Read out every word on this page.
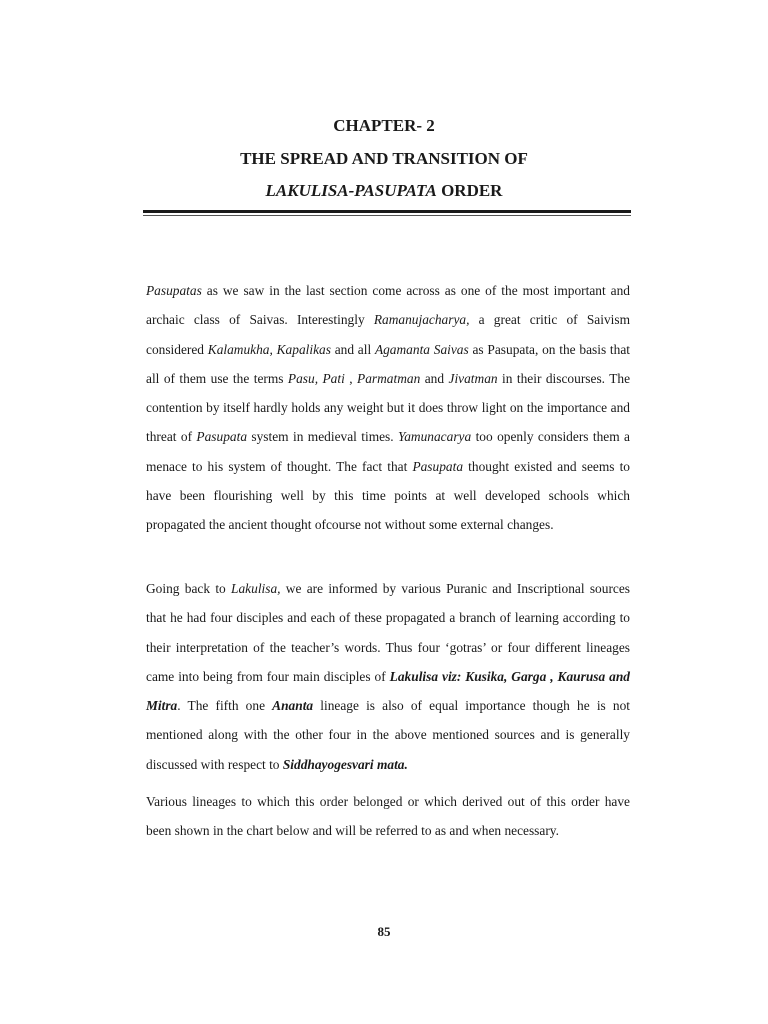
CHAPTER- 2
THE SPREAD AND TRANSITION OF
LAKULISA-PASUPATA ORDER
Pasupatas as we saw in the last section come across as one of the most important and archaic class of Saivas. Interestingly Ramanujacharya, a great critic of Saivism considered Kalamukha, Kapalikas and all Agamanta Saivas as Pasupata, on the basis that all of them use the terms Pasu, Pati , Parmatman and Jivatman in their discourses. The contention by itself hardly holds any weight but it does throw light on the importance and threat of Pasupata system in medieval times. Yamunacarya too openly considers them a menace to his system of thought. The fact that Pasupata thought existed and seems to have been flourishing well by this time points at well developed schools which propagated the ancient thought ofcourse not without some external changes.
Going back to Lakulisa, we are informed by various Puranic and Inscriptional sources that he had four disciples and each of these propagated a branch of learning according to their interpretation of the teacher’s words. Thus four ‘gotras’ or four different lineages came into being from four main disciples of Lakulisa viz: Kusika, Garga , Kaurusa and Mitra. The fifth one Ananta lineage is also of equal importance though he is not mentioned along with the other four in the above mentioned sources and is generally discussed with respect to Siddhayogesvari mata.
Various lineages to which this order belonged or which derived out of this order have been shown in the chart below and will be referred to as and when necessary.
85
